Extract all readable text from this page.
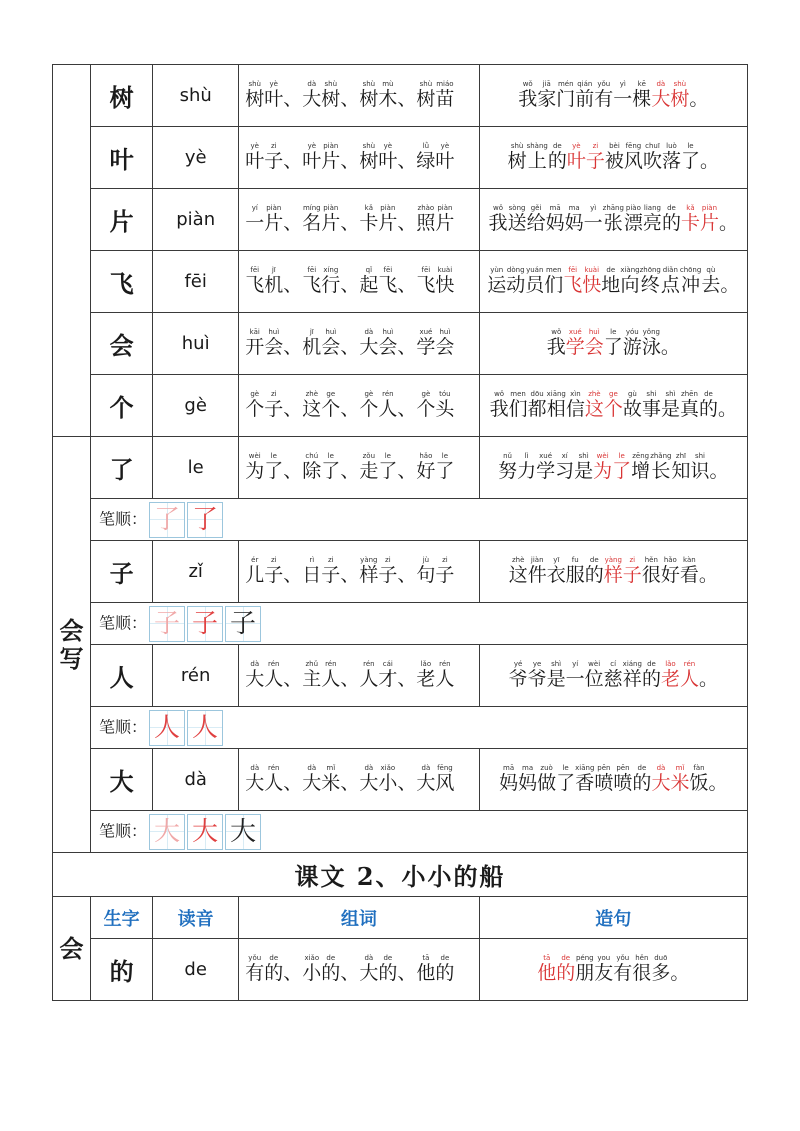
	树	shù	树shù叶yè、大dà树shù、树shù木mù、树shù苗miáo	我wǒ家jiā门mén前qián有yǒu一yì棵kē大dà树shù。
	叶	yè	叶yè子zi、叶yè片piàn、树shù叶yè、绿lǜ叶yè	树shù上shàng的de叶yè子zi被bèi风fēng吹chuī落luò了le。
	片	piàn	一yí片piàn、名míng片piàn、卡kǎ片piàn、照zhào片piàn	我wǒ送sòng给gěi妈mā妈ma一yì张zhāng漂piào亮liang的de卡kǎ片piàn。
	飞	fēi	飞fēi机jī、飞fēi行xíng、起qǐ飞fēi、飞fēi快kuài	运yùn动dòng员yuán们men飞fēi快kuài地de向xiàng终zhōng点diǎn冲chōng去qù。
	会	huì	开kāi会huì、机jī会huì、大dà会huì、学xué会huì	我wǒ学xué会huì了le游yóu泳yǒng。
	个	gè	个gè子zi、这zhè个ge、个gè人rén、个gè头tóu	我wǒ们men都dōu相xiāng信xìn这zhè个ge故gù事shi是shì真zhēn的de。
会写	了	le	为wèi了le、除chú了le、走zǒu了le、好hǎo了le	努nǔ力lì学xué习xí是shì为wèi了le增zēng长zhǎng知zhī识shi。
	笔顺： 了 了			
	子	zǐ	儿ér子zi、日rì子zi、样yàng子zi、句jù子zi	这zhè件jiàn衣yī服fu的de样yàng子zi很hěn好hǎo看kàn。
	笔顺： 子 子 子			
	人	rén	大dà人rén、主zhǔ人rén、人rén才cái、老lǎo人rén	爷yé爷ye是shì一yí位wèi慈cí祥xiáng的de老lǎo人rén。
	笔顺： 人 人			
	大	dà	大dà人rén、大dà米mǐ、大dà小xiǎo、大dà风fēng	妈mā妈ma做zuò了le香xiāng喷pēn喷pēn的de大dà米mǐ饭fàn。
	笔顺： 大 大 大			
课文 2、小小的船				
会	生字	读音	组词	造句
	的	de	有yǒu的de、小xiǎo的de、大dà的de、他tā的de	他tā的de朋péng友you有yǒu很hěn多duō。
